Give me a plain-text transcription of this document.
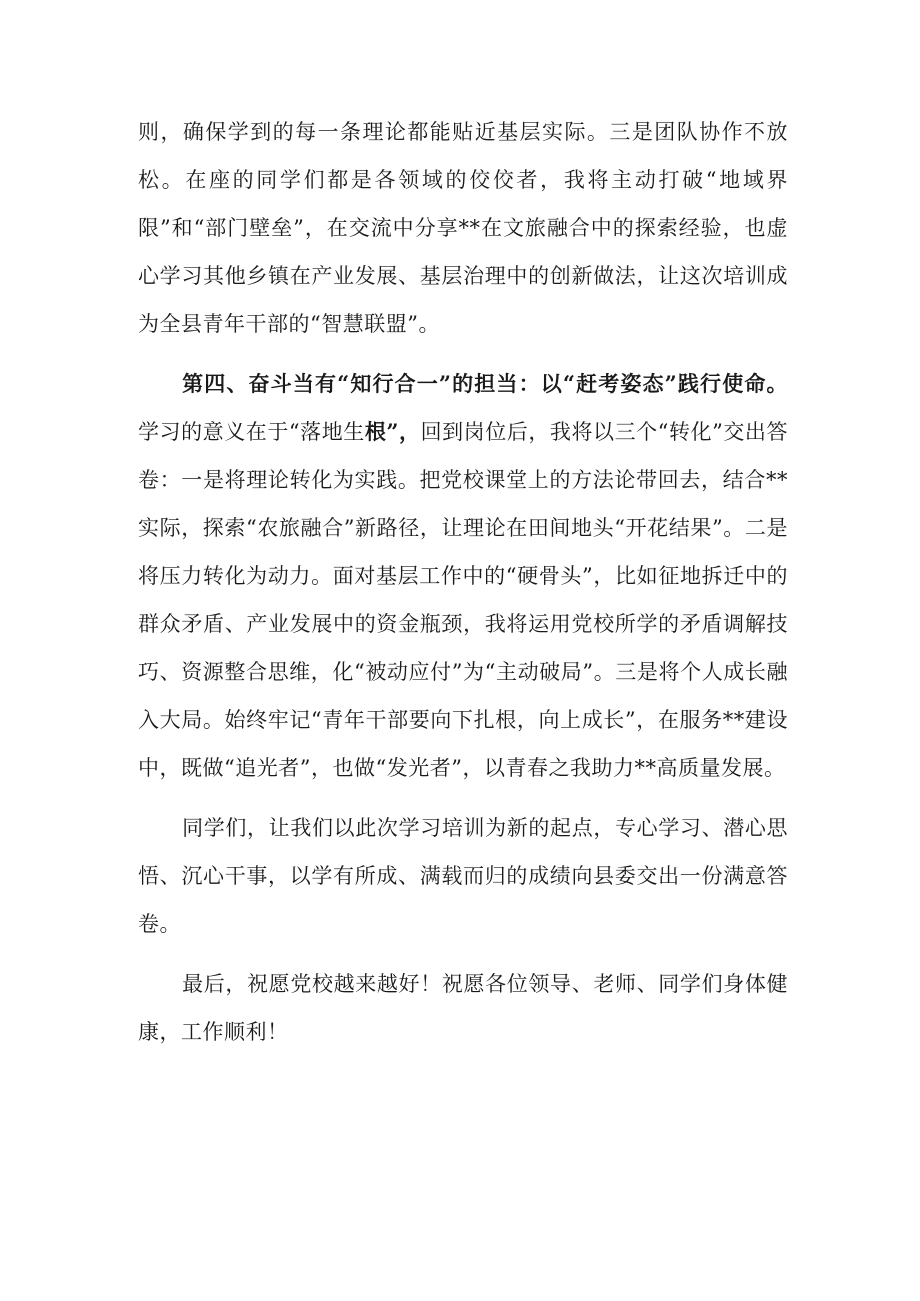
则，确保学到的每一条理论都能贴近基层实际。三是团队协作不放松。在座的同学们都是各领域的佼佼者，我将主动打破“地域界限”和“部门壁垒”，在交流中分享**在文旅融合中的探索经验，也虚心学习其他乡镇在产业发展、基层治理中的创新做法，让这次培训成为全县青年干部的“智慧联盟”。

第四、奋斗当有“知行合一”的担当：以“赶考姿态”践行使命。学习的意义在于“落地生根”，回到岗位后，我将以三个“转化”交出答卷：一是将理论转化为实践。把党校课堂上的方法论带回去，结合**实际，探索“农旅融合”新路径，让理论在田间地头“开花结果”。二是将压力转化为动力。面对基层工作中的“硬骨头”，比如征地拆迁中的群众矛盾、产业发展中的资金瓶颈，我将运用党校所学的矛盾调解技巧、资源整合思维，化“被动应付”为“主动破局”。三是将个人成长融入大局。始终牢记“青年干部要向下扎根，向上成长”，在服务**建设中，既做“追光者”，也做“发光者”，以青春之我助力**高质量发展。

同学们，让我们以此次学习培训为新的起点，专心学习、潜心思悟、沉心干事，以学有所成、满载而归的成绩向县委交出一份满意答卷。

最后，祝愿党校越来越好！祝愿各位领导、老师、同学们身体健康，工作顺利！
